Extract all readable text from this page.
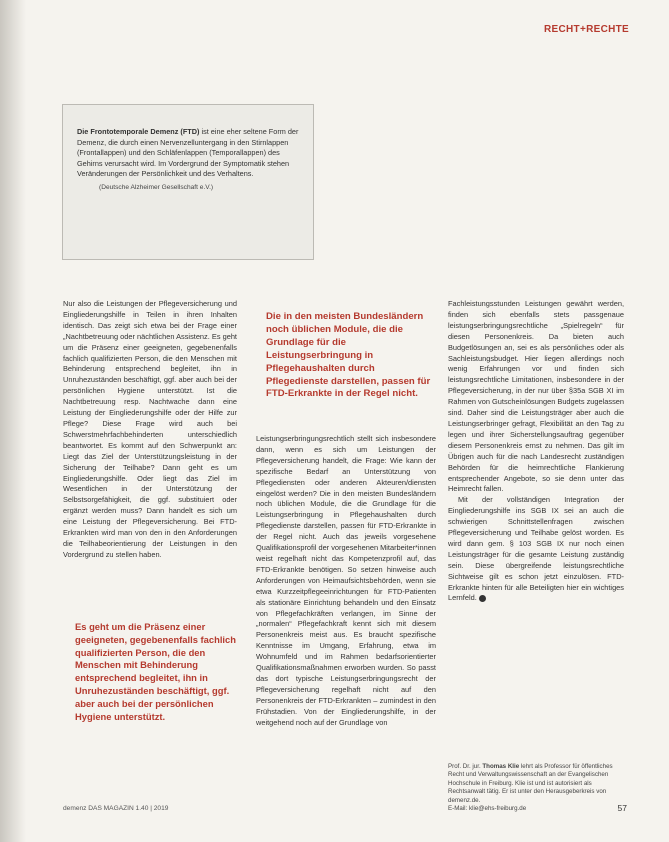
RECHT+RECHTE

Die Frontotemporale Demenz (FTD) ist eine eher seltene Form der Demenz, die durch einen Nervenzelluntergang in den Stirnlappen (Frontallappen) und den Schläfenlappen (Temporallappen) des Gehirns verursacht wird. Im Vordergrund der Symptomatik stehen Veränderungen der Persönlichkeit und des Verhaltens.

(Deutsche Alzheimer Gesellschaft e.V.)

Nur also die Leistungen der Pflegeversicherung und Eingliederungshilfe in Teilen in ihren Inhalten identisch. Das zeigt sich etwa bei der Frage einer „Nachtbetreuung oder nächtlichen Assistenz. Es geht um die Präsenz einer geeigneten, gegebenenfalls fachlich qualifizierten Person, die den Menschen mit Behinderung entsprechend begleitet, ihn in Unruhezuständen beschäftigt, ggf. aber auch bei der persönlichen Hygiene unterstützt. Ist die Nachtbetreuung resp. Nachtwache dann eine Leistung der Eingliederungshilfe oder der Hilfe zur Pflege? Diese Frage wird auch bei Schwerstmehrfachbehinderten unterschiedlich beantwortet. Es kommt auf den Schwerpunkt an: Liegt das Ziel der Unterstützungsleistung in der Sicherung der Teilhabe? Dann geht es um Eingliederungshilfe. Oder liegt das Ziel im Wesentlichen in der Unterstützung der Selbstsorgefähigkeit, die ggf. substituiert oder ergänzt werden muss? Dann handelt es sich um eine Leistung der Pflegeversicherung. Bei FTD-Erkrankten wird man von den in den Anforderungen die Teilhabeorientierung der Leistungen in den Vordergrund zu stellen haben.

Die in den meisten Bundesländern noch üblichen Module, die die Grundlage für die Leistungserbringung in Pflegehaushalten durch Pflegedienste darstellen, passen für FTD-Erkrankte in der Regel nicht.

Leistungserbringungsrechtlich stellt sich insbesondere dann, wenn es sich um Leistungen der Pflegeversicherung handelt, die Frage: Wie kann der spezifische Bedarf an Unterstützung von Pflegediensten oder anderen Akteuren/diensten eingelöst werden? Die in den meisten Bundesländern noch üblichen Module, die die Grundlage für die Leistungserbringung in Pflegehaushalten durch Pflegedienste darstellen, passen für FTD-Erkrankte in der Regel nicht. Auch das jeweils vorgesehene Qualifikationsprofil der vorgesehenen Mitarbeiter*innen weist regelhaft nicht das Kompetenzprofil auf, das FTD-Erkrankte benötigen. So setzen hinweise auch Anforderungen von Heimaufsichtsbehörden, wenn sie etwa Kurzzeitpflegeeinrichtungen für FTD-Patienten als stationäre Einrichtung behandeln und den Einsatz von Pflegefachkräften verlangen, im Sinne der „normalen“ Pflegefachkraft kennt sich mit diesem Personenkreis meist aus. Es braucht spezifische Kenntnisse im Umgang, Erfahrung, etwa im Wohnumfeld und im Rahmen bedarfsorientierter Qualifikationsmaßnahmen erworben wurden. So passt das dort typische Leistungserbringungsrecht der Pflegeversicherung regelhaft nicht auf den Personenkreis der FTD-Erkrankten – zumindest in den Frühstadien. Von der Eingliederungshilfe, in der weitgehend noch auf der Grundlage von

Fachleistungsstunden Leistungen gewährt werden, finden sich ebenfalls stets passgenaue leistungserbringungsrechtliche „Spielregeln“ für diesen Personenkreis. Da bieten auch Budgetlösungen an, sei es als persönliches oder als Sachleistungsbudget. Hier liegen allerdings noch wenig Erfahrungen vor und finden sich leistungsrechtliche Limitationen, insbesondere in der Pflegeversicherung, in der nur über §35a SGB XI im Rahmen von Gutscheinlösungen Budgets zugelassen sind. Daher sind die Leistungsträger aber auch die Leistungserbringer gefragt, Flexibilität an den Tag zu legen und ihrer Sicherstellungsauftrag gegenüber diesem Personenkreis ernst zu nehmen. Das gilt im Übrigen auch für die nach Landesrecht zuständigen Behörden für die heimrechtliche Flankierung entsprechender Angebote, so sie denn unter das Heimrecht fallen.

Mit der vollständigen Integration der Eingliederungshilfe ins SGB IX sei an auch die schwierigen Schnittstellenfragen zwischen Pflegeversicherung und Teilhabe gelöst worden. Es wird dann gem. § 103 SGB IX nur noch einen Leistungsträger für die gesamte Leistung zuständig sein. Diese übergreifende leistungsrechtliche Sichtweise gilt es schon jetzt einzulösen. FTD-Erkrankte hinten für alle Beteiligten hier ein wichtiges Lernfeld.

Es geht um die Präsenz einer geeigneten, gegebenenfalls fachlich qualifizierten Person, die den Menschen mit Behinderung entsprechend begleitet, ihn in Unruhezuständen beschäftigt, ggf. aber auch bei der persönlichen Hygiene unterstützt.
Prof. Dr. jur. Thomas Klie lehrt als Professor für öffentliches Recht und Verwaltungswissenschaft an der Evangelischen Hochschule in Freiburg. Klie ist und ist autorisiert als Rechtsanwalt tätig. Er ist unter den Herausgeberkreis von demenz.de.
E-Mail: klie@ehs-freiburg.de
demenz DAS MAGAZIN 1.40 | 2019	57
